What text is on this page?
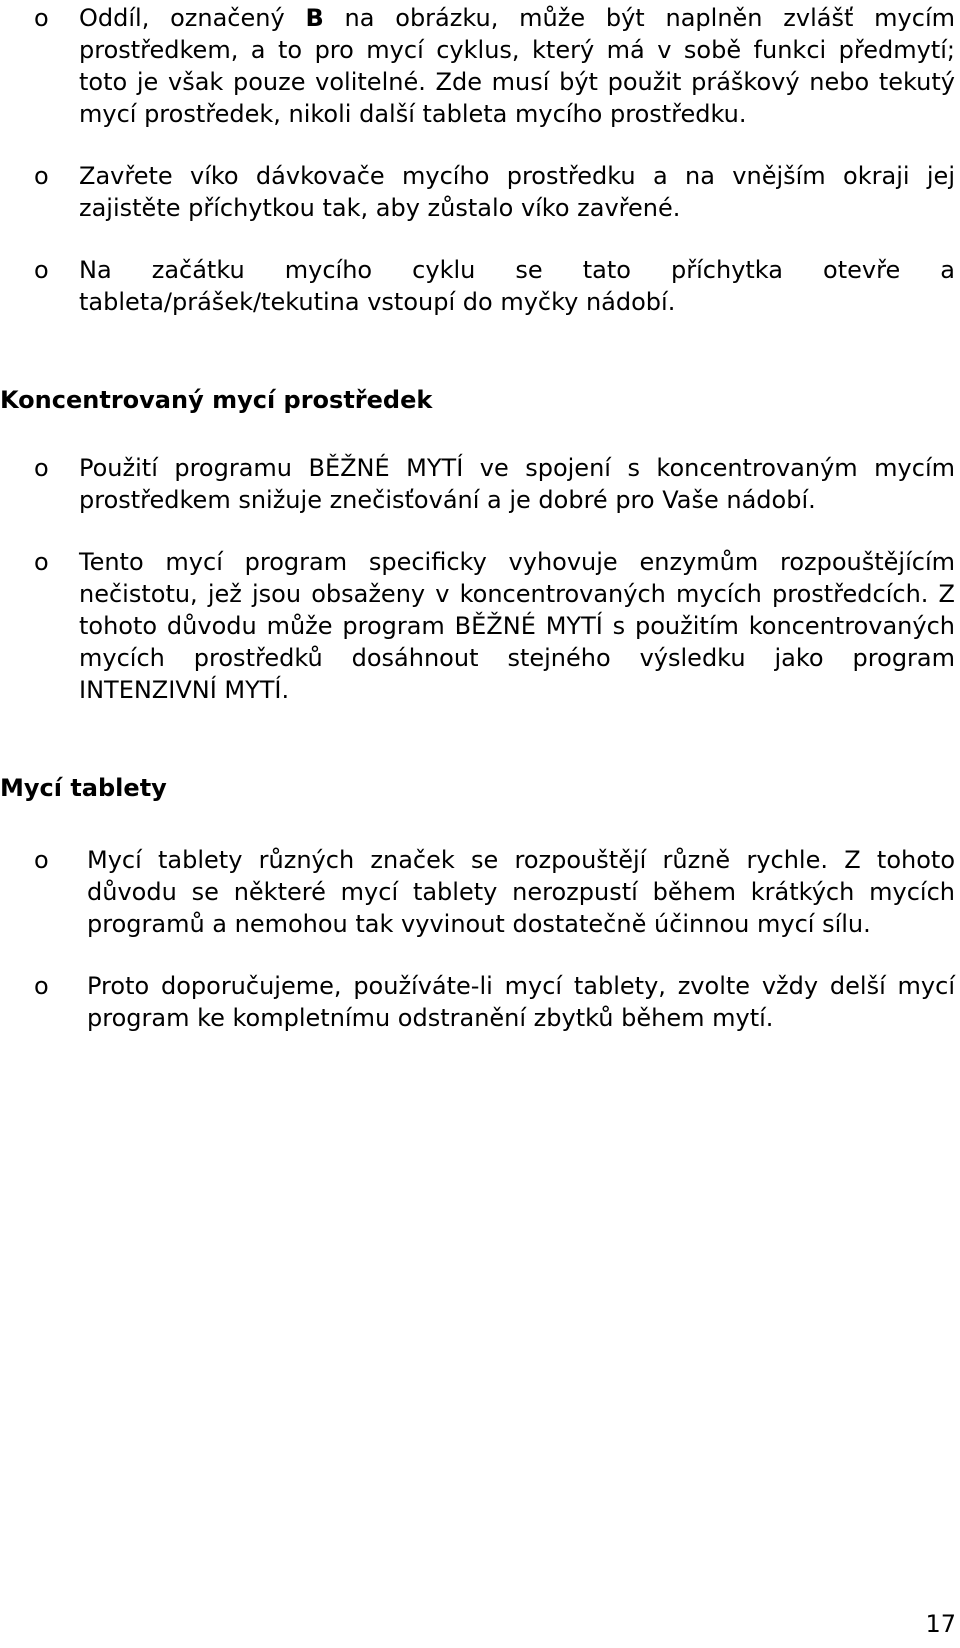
o Oddíl, označený B na obrázku, může být naplněn zvlášť mycím prostředkem, a to pro mycí cyklus, který má v sobě funkci předmytí; toto je však pouze volitelné. Zde musí být použit práškový nebo tekutý mycí prostředek, nikoli další tableta mycího prostředku.
o Zavřete víko dávkovače mycího prostředku a na vnějším okraji jej zajistěte příchytkou tak, aby zůstalo víko zavřené.
o Na začátku mycího cyklu se tato příchytka otevře a tableta/prášek/tekutina vstoupí do myčky nádobí.
Koncentrovaný mycí prostředek
o Použití programu BĚŽNÉ MYTÍ ve spojení s koncentrovaným mycím prostředkem snižuje znečisťování a je dobré pro Vaše nádobí.
o Tento mycí program specificky vyhovuje enzymům rozpouštějícím nečistotu, jež jsou obsaženy v koncentrovaných mycích prostředcích. Z tohoto důvodu může program BĚŽNÉ MYTÍ s použitím koncentrovaných mycích prostředků dosáhnout stejného výsledku jako program INTENZIVNÍ MYTÍ.
Mycí tablety
o Mycí tablety různých značek se rozpouštějí různě rychle. Z tohoto důvodu se některé mycí tablety nerozpustí během krátkých mycích programů a nemohou tak vyvinout dostatečně účinnou mycí sílu.
o Proto doporučujeme, používáte-li mycí tablety, zvolte vždy delší mycí program ke kompletnímu odstranění zbytků během mytí.
17
